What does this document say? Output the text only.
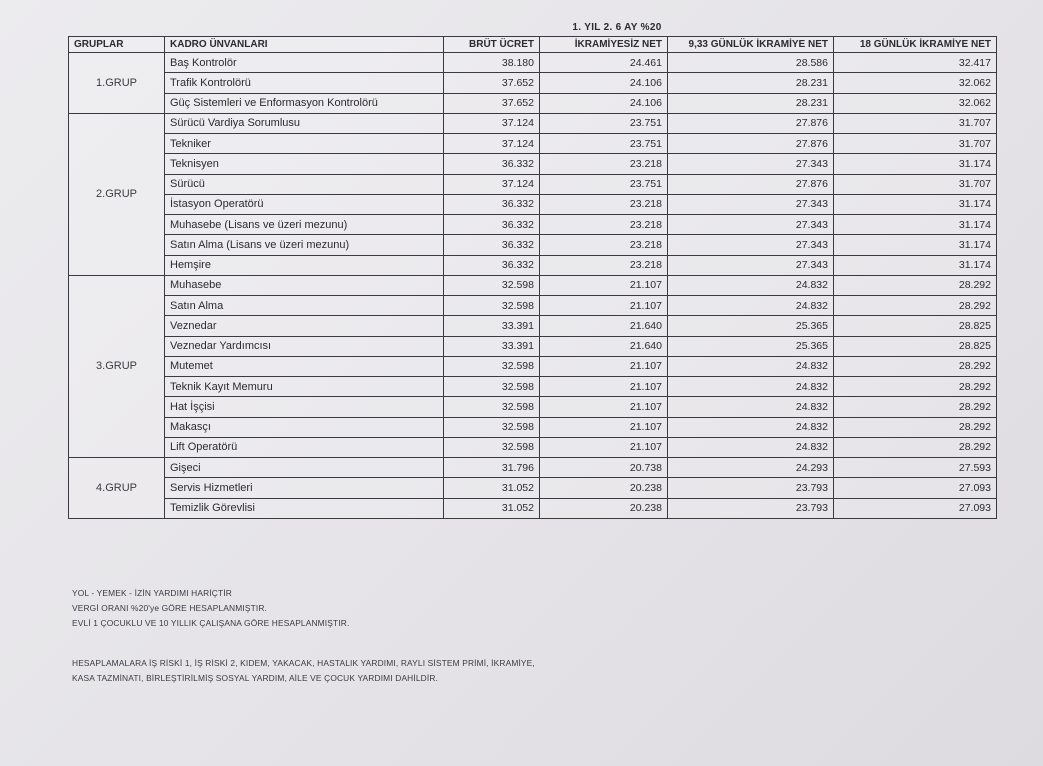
1. YIL 2. 6 AY %20
GRUPLAR	KADRO ÜNVANLARI	BRÜT ÜCRET	İKRAMİYESİZ NET	9,33 GÜNLÜK İKRAMİYE NET	18 GÜNLÜK İKRAMİYE NET
1.GRUP	Baş Kontrolör	38.180	24.461	28.586	32.417
	Trafik Kontrolörü	37.652	24.106	28.231	32.062
	Güç Sistemleri ve Enformasyon Kontrolörü	37.652	24.106	28.231	32.062
2.GRUP	Sürücü Vardiya Sorumlusu	37.124	23.751	27.876	31.707
	Tekniker	37.124	23.751	27.876	31.707
	Teknisyen	36.332	23.218	27.343	31.174
	Sürücü	37.124	23.751	27.876	31.707
	İstasyon Operatörü	36.332	23.218	27.343	31.174
	Muhasebe (Lisans ve üzeri mezunu)	36.332	23.218	27.343	31.174
	Satın Alma (Lisans ve üzeri mezunu)	36.332	23.218	27.343	31.174
	Hemşire	36.332	23.218	27.343	31.174
3.GRUP	Muhasebe	32.598	21.107	24.832	28.292
	Satın Alma	32.598	21.107	24.832	28.292
	Veznedar	33.391	21.640	25.365	28.825
	Veznedar Yardımcısı	33.391	21.640	25.365	28.825
	Mutemet	32.598	21.107	24.832	28.292
	Teknik Kayıt Memuru	32.598	21.107	24.832	28.292
	Hat İşçisi	32.598	21.107	24.832	28.292
	Makasçı	32.598	21.107	24.832	28.292
	Lift Operatörü	32.598	21.107	24.832	28.292
4.GRUP	Gişeci	31.796	20.738	24.293	27.593
	Servis Hizmetleri	31.052	20.238	23.793	27.093
	Temizlik Görevlisi	31.052	20.238	23.793	27.093
YOL - YEMEK - İZİN YARDIMI HARİÇTİR
VERGİ ORANI %20'ye GÖRE HESAPLANMIŞTIR.
EVLİ 1 ÇOCUKLU VE 10 YILLIK ÇALIŞANA GÖRE HESAPLANMIŞTIR.
HESAPLAMALARA İŞ RİSKİ 1, İŞ RİSKİ 2, KIDEM, YAKACAK, HASTALIK YARDIMI, RAYLI SİSTEM PRİMİ, İKRAMİYE,
KASA TAZMİNATI, BİRLEŞTİRİLMİŞ SOSYAL YARDIM, AİLE VE ÇOCUK YARDIMI DAHİLDİR.
